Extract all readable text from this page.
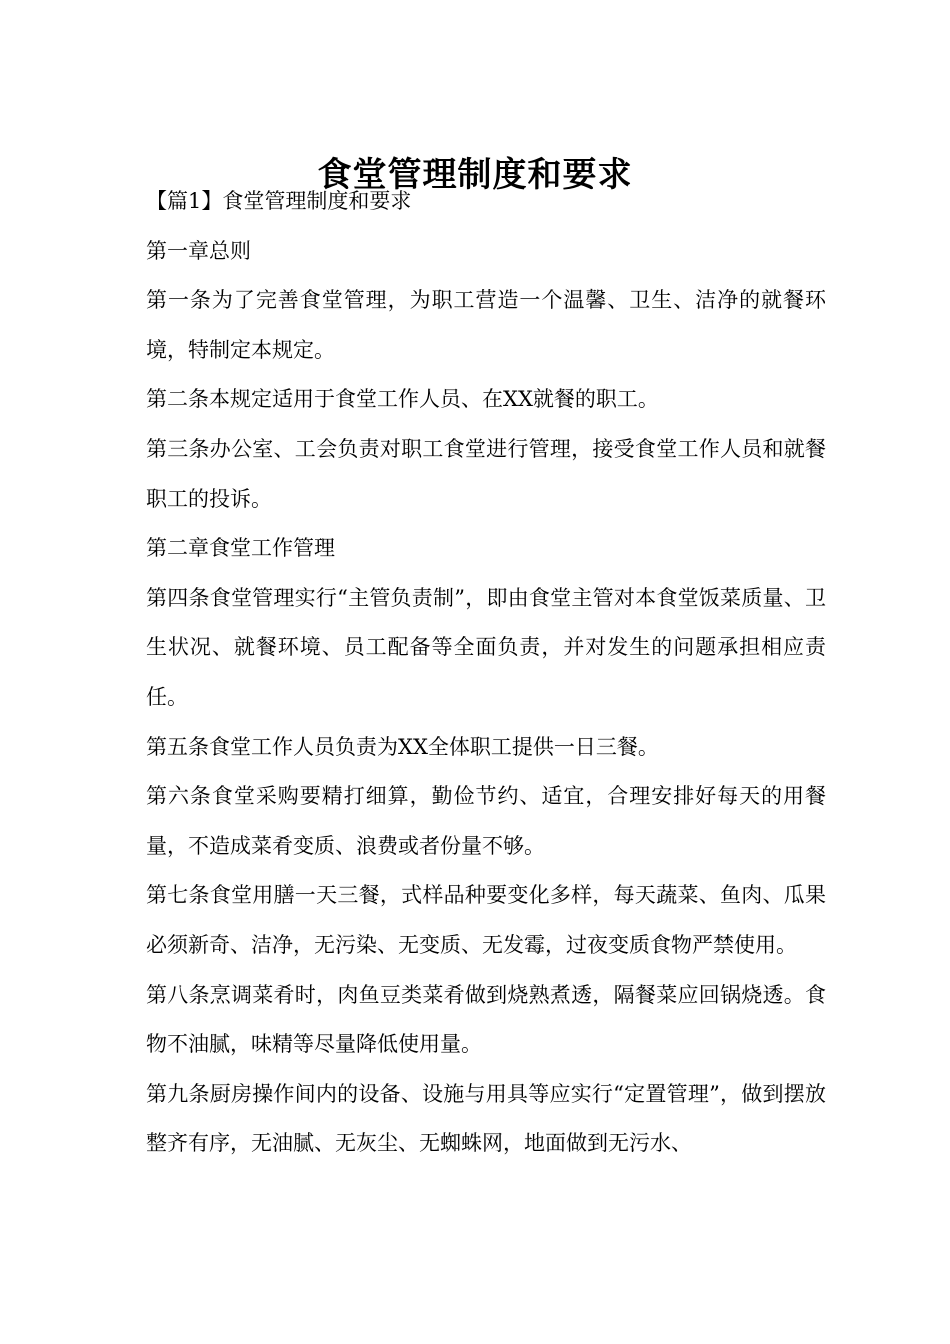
食堂管理制度和要求

【篇1】食堂管理制度和要求

第一章总则

第一条为了完善食堂管理，为职工营造一个温馨、卫生、洁净的就餐环境，特制定本规定。

第二条本规定适用于食堂工作人员、在XX就餐的职工。

第三条办公室、工会负责对职工食堂进行管理，接受食堂工作人员和就餐职工的投诉。

第二章食堂工作管理

第四条食堂管理实行“主管负责制”，即由食堂主管对本食堂饭菜质量、卫生状况、就餐环境、员工配备等全面负责，并对发生的问题承担相应责任。

第五条食堂工作人员负责为XX全体职工提供一日三餐。

第六条食堂采购要精打细算，勤俭节约、适宜，合理安排好每天的用餐量，不造成菜肴变质、浪费或者份量不够。

第七条食堂用膳一天三餐，式样品种要变化多样，每天蔬菜、鱼肉、瓜果必须新奇、洁净，无污染、无变质、无发霉，过夜变质食物严禁使用。

第八条烹调菜肴时，肉鱼豆类菜肴做到烧熟煮透，隔餐菜应回锅烧透。食物不油腻，味精等尽量降低使用量。

第九条厨房操作间内的设备、设施与用具等应实行“定置管理”，做到摆放整齐有序，无油腻、无灰尘、无蜘蛛网，地面做到无污水、
